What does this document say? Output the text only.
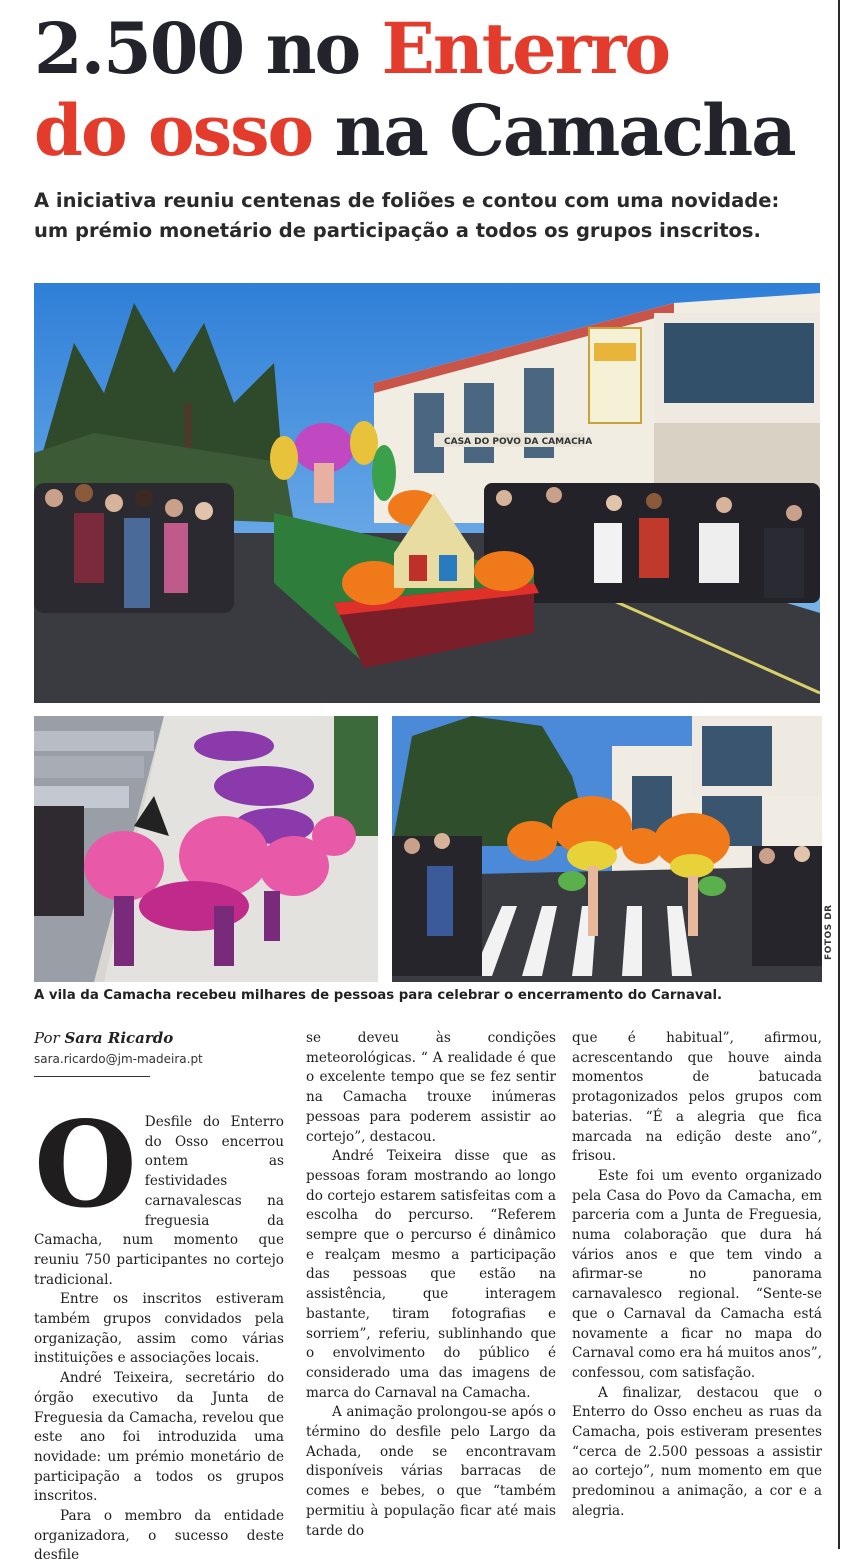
2.500 no Enterro
do osso na Camacha

A iniciativa reuniu centenas de foliões e contou com uma novidade: um prémio monetário de participação a todos os grupos inscritos.

CASA DO POVO DA CAMACHA
FOTOS DR
A vila da Camacha recebeu milhares de pessoas para celebrar o encerramento do Carnaval.
Por Sara Ricardo
sara.ricardo@jm-madeira.pt
O Desfile do Enterro do Osso encerrou ontem as festividades carnavalescas na freguesia da Camacha, num momento que reuniu 750 participantes no cortejo tradicional.

Entre os inscritos estiveram também grupos convidados pela organização, assim como várias instituições e associações locais.

André Teixeira, secretário do órgão executivo da Junta de Freguesia da Camacha, revelou que este ano foi introduzida uma novidade: um prémio monetário de participação a todos os grupos inscritos.

Para o membro da entidade organizadora, o sucesso deste desfile

se deveu às condições meteorológicas. “ A realidade é que o excelente tempo que se fez sentir na Camacha trouxe inúmeras pessoas para poderem assistir ao cortejo”, destacou.

André Teixeira disse que as pessoas foram mostrando ao longo do cortejo estarem satisfeitas com a escolha do percurso. “Referem sempre que o percurso é dinâmico e realçam mesmo a participação das pessoas que estão na assistência, que interagem bastante, tiram fotografias e sorriem”, referiu, sublinhando que o envolvimento do público é considerado uma das imagens de marca do Carnaval na Camacha.

A animação prolongou-se após o término do desfile pelo Largo da Achada, onde se encontravam disponíveis várias barracas de comes e bebes, o que “também permitiu à população ficar até mais tarde do

que é habitual”, afirmou, acrescentando que houve ainda momentos de batucada protagonizados pelos grupos com baterias. “É a alegria que fica marcada na edição deste ano”, frisou.

Este foi um evento organizado pela Casa do Povo da Camacha, em parceria com a Junta de Freguesia, numa colaboração que dura há vários anos e que tem vindo a afirmar-se no panorama carnavalesco regional. “Sente-se que o Carnaval da Camacha está novamente a ficar no mapa do Carnaval como era há muitos anos”, confessou, com satisfação.

A finalizar, destacou que o Enterro do Osso encheu as ruas da Camacha, pois estiveram presentes “cerca de 2.500 pessoas a assistir ao cortejo”, num momento em que predominou a animação, a cor e a alegria.
